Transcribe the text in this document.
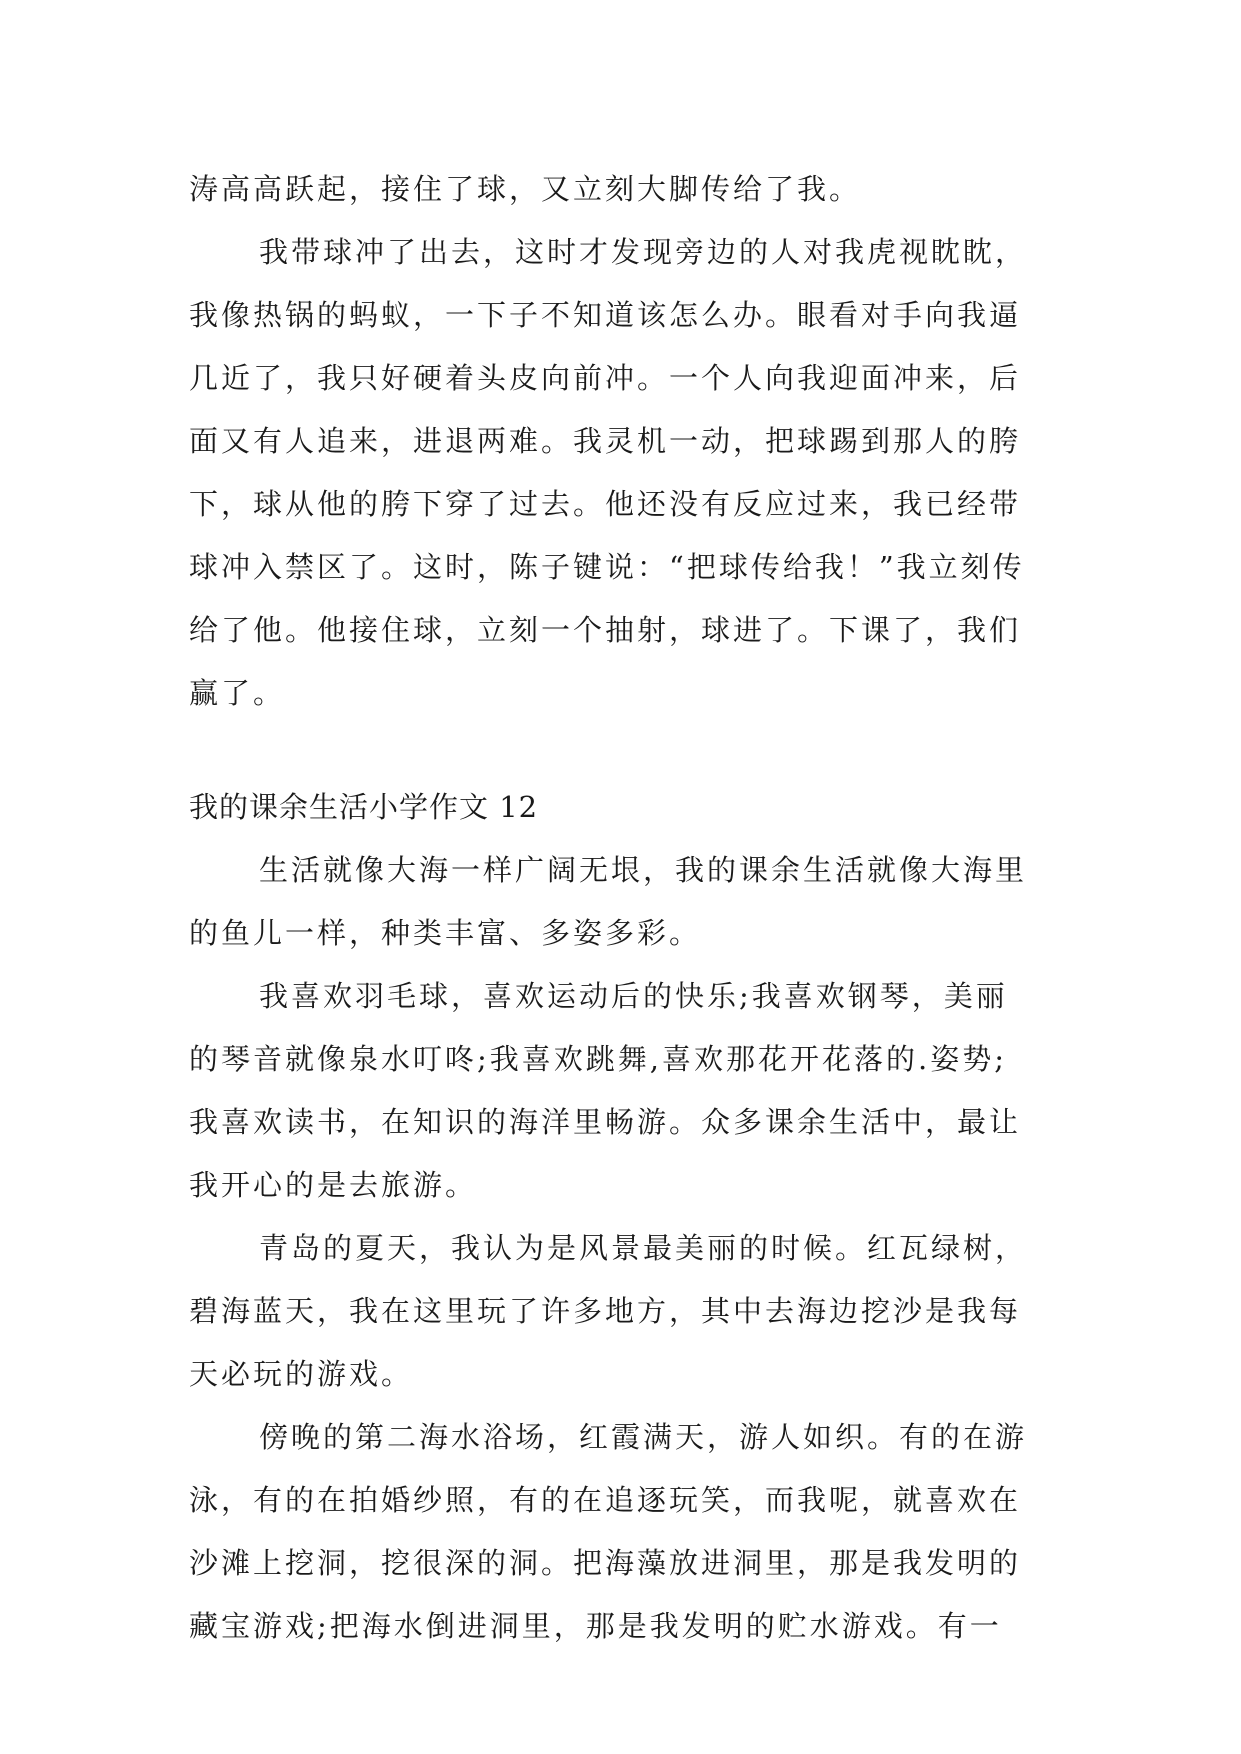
涛高高跃起，接住了球，又立刻大脚传给了我。
我带球冲了出去，这时才发现旁边的人对我虎视眈眈，
我像热锅的蚂蚁，一下子不知道该怎么办。眼看对手向我逼
几近了，我只好硬着头皮向前冲。一个人向我迎面冲来，后
面又有人追来，进退两难。我灵机一动，把球踢到那人的胯
下，球从他的胯下穿了过去。他还没有反应过来，我已经带
球冲入禁区了。这时，陈子键说：“把球传给我！”我立刻传
给了他。他接住球，立刻一个抽射，球进了。下课了，我们
赢了。
我的课余生活小学作文 12
生活就像大海一样广阔无垠，我的课余生活就像大海里
的鱼儿一样，种类丰富、多姿多彩。
我喜欢羽毛球，喜欢运动后的快乐;我喜欢钢琴，美丽
的琴音就像泉水叮咚;我喜欢跳舞,喜欢那花开花落的.姿势;
我喜欢读书，在知识的海洋里畅游。众多课余生活中，最让
我开心的是去旅游。
青岛的夏天，我认为是风景最美丽的时候。红瓦绿树，
碧海蓝天，我在这里玩了许多地方，其中去海边挖沙是我每
天必玩的游戏。
傍晚的第二海水浴场，红霞满天，游人如织。有的在游
泳，有的在拍婚纱照，有的在追逐玩笑，而我呢，就喜欢在
沙滩上挖洞，挖很深的洞。把海藻放进洞里，那是我发明的
藏宝游戏;把海水倒进洞里，那是我发明的贮水游戏。有一
